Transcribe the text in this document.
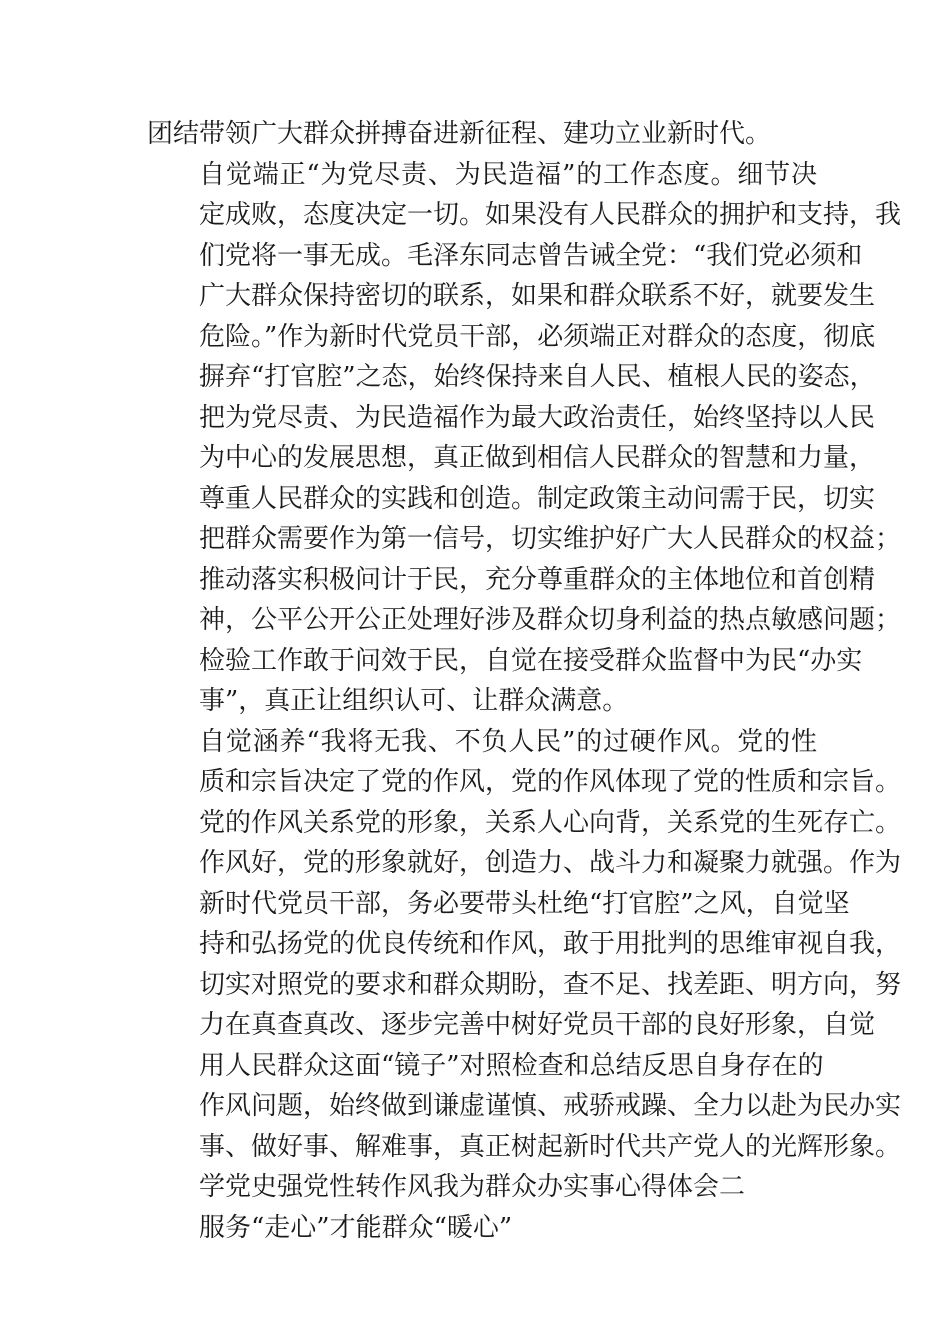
团结带领广大群众拼搏奋进新征程、建功立业新时代。

自觉端正“为党尽责、为民造福”的工作态度。细节决
定成败，态度决定一切。如果没有人民群众的拥护和支持，我
们党将一事无成。毛泽东同志曾告诫全党：“我们党必须和
广大群众保持密切的联系，如果和群众联系不好，就要发生
危险。”作为新时代党员干部，必须端正对群众的态度，彻底
摒弃“打官腔”之态，始终保持来自人民、植根人民的姿态，
把为党尽责、为民造福作为最大政治责任，始终坚持以人民
为中心的发展思想，真正做到相信人民群众的智慧和力量，
尊重人民群众的实践和创造。制定政策主动问需于民，切实
把群众需要作为第一信号，切实维护好广大人民群众的权益；
推动落实积极问计于民，充分尊重群众的主体地位和首创精
神，公平公开公正处理好涉及群众切身利益的热点敏感问题；
检验工作敢于问效于民，自觉在接受群众监督中为民“办实
事”，真正让组织认可、让群众满意。

自觉涵养“我将无我、不负人民”的过硬作风。党的性
质和宗旨决定了党的作风，党的作风体现了党的性质和宗旨。
党的作风关系党的形象，关系人心向背，关系党的生死存亡。
作风好，党的形象就好，创造力、战斗力和凝聚力就强。作为
新时代党员干部，务必要带头杜绝“打官腔”之风，自觉坚
持和弘扬党的优良传统和作风，敢于用批判的思维审视自我，
切实对照党的要求和群众期盼，查不足、找差距、明方向，努
力在真查真改、逐步完善中树好党员干部的良好形象，自觉
用人民群众这面“镜子”对照检查和总结反思自身存在的
作风问题，始终做到谦虚谨慎、戒骄戒躁、全力以赴为民办实
事、做好事、解难事，真正树起新时代共产党人的光辉形象。

学党史强党性转作风我为群众办实事心得体会二

服务“走心”才能群众“暖心”
